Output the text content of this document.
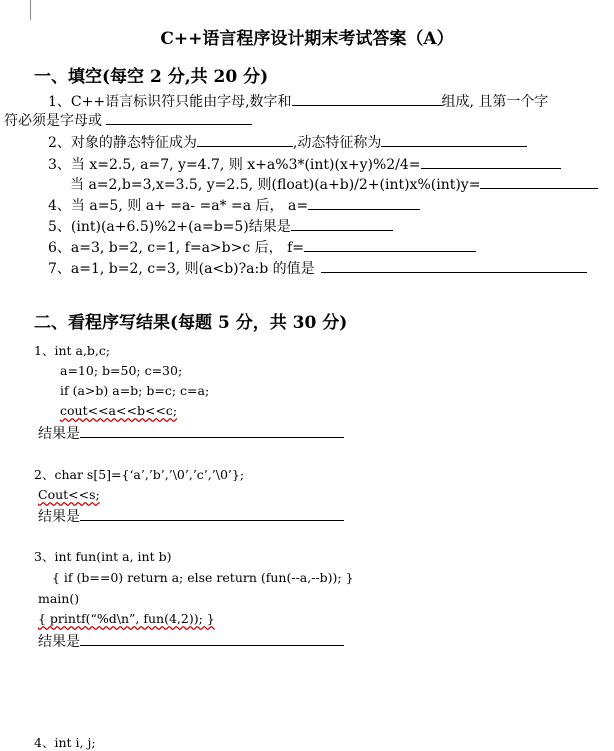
C++语言程序设计期末考试答案（A）
一、填空(每空 2 分,共 20 分)
1、C++语言标识符只能由字母,数字和	组成, 且第一个字
符必须是字母或
2、对象的静态特征成为	,动态特征称为
3、当 x=2.5, a=7, y=4.7, 则 x+a%3*(int)(x+y)%2/4=
当 a=2,b=3,x=3.5, y=2.5, 则(float)(a+b)/2+(int)x%(int)y=
4、当 a=5, 则 a+ =a- =a* =a 后， a=
5、(int)(a+6.5)%2+(a=b=5)结果是
6、a=3, b=2, c=1, f=a>b>c 后， f=
7、a=1, b=2, c=3, 则(a<b)?a:b 的值是
二、看程序写结果(每题 5 分，共 30 分)
1、int a,b,c;
a=10; b=50; c=30;
if (a>b) a=b; b=c; c=a;
cout<<a<<b<<c;
结果是
2、char s[5]={‘a’,’b’,’\0’,’c’,’\0’};
Cout<<s;
结果是
3、int fun(int a, int b)
{ if (b==0) return a; else return (fun(--a,--b)); }
main()
{ printf(“%d\n”, fun(4,2)); }
结果是
4、int i, j;
